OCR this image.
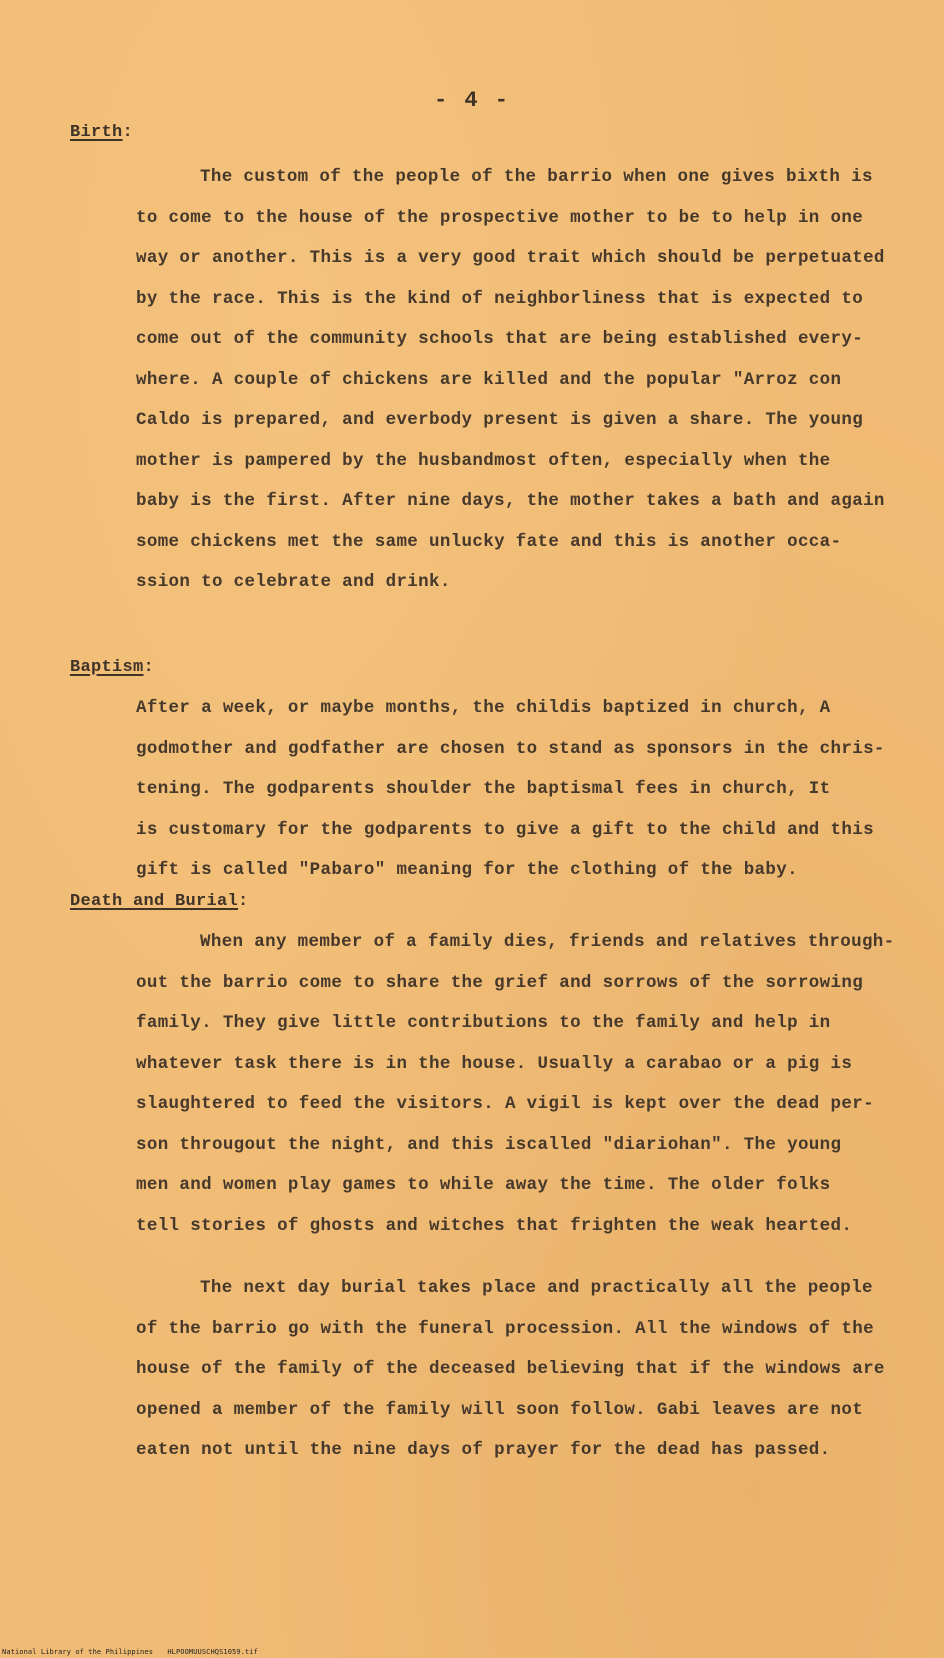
- 4 -
Birth:
The custom of the people of the barrio when one gives bixth is
to come to the house of the prospective mother to be to help in one
way or another. This is a very good trait which should be perpetuated
by the race. This is the kind of neighborliness that is expected to
come out of the community schools that are being established every-
where. A couple of chickens are killed and the popular "Arroz con
Caldo is prepared, and everbody present is given a share. The young
mother is pampered by the husbandmost often, especially when the
baby is the first. After nine days, the mother takes a bath and again
some chickens met the same unlucky fate and this is another occa-
ssion to celebrate and drink.
Baptism:
After a week, or maybe months, the childis baptized in church, A
godmother and godfather are chosen to stand as sponsors in the chris-
tening. The godparents shoulder the baptismal fees in church, It
is customary for the godparents to give a gift to the child and this
gift is called "Pabaro" meaning for the clothing of the baby.
Death and Burial:
When any member of a family dies, friends and relatives through-
out the barrio come to share the grief and sorrows of the sorrowing
family. They give little contributions to the family and help in
whatever task there is in the house. Usually a carabao or a pig is
slaughtered to feed the visitors. A vigil is kept over the dead per-
son througout the night, and this iscalled "diariohan". The young
men and women play games to while away the time. The older folks
tell stories of ghosts and witches that frighten the weak hearted.
The next day burial takes place and practically all the people
of the barrio go with the funeral procession. All the windows of the
house of the family of the deceased believing that if the windows are
opened a member of the family will soon follow. Gabi leaves are not
eaten not until the nine days of prayer for the dead has passed.
National Library of the Philippines HLPOOMUUSCHQS1059.tif
